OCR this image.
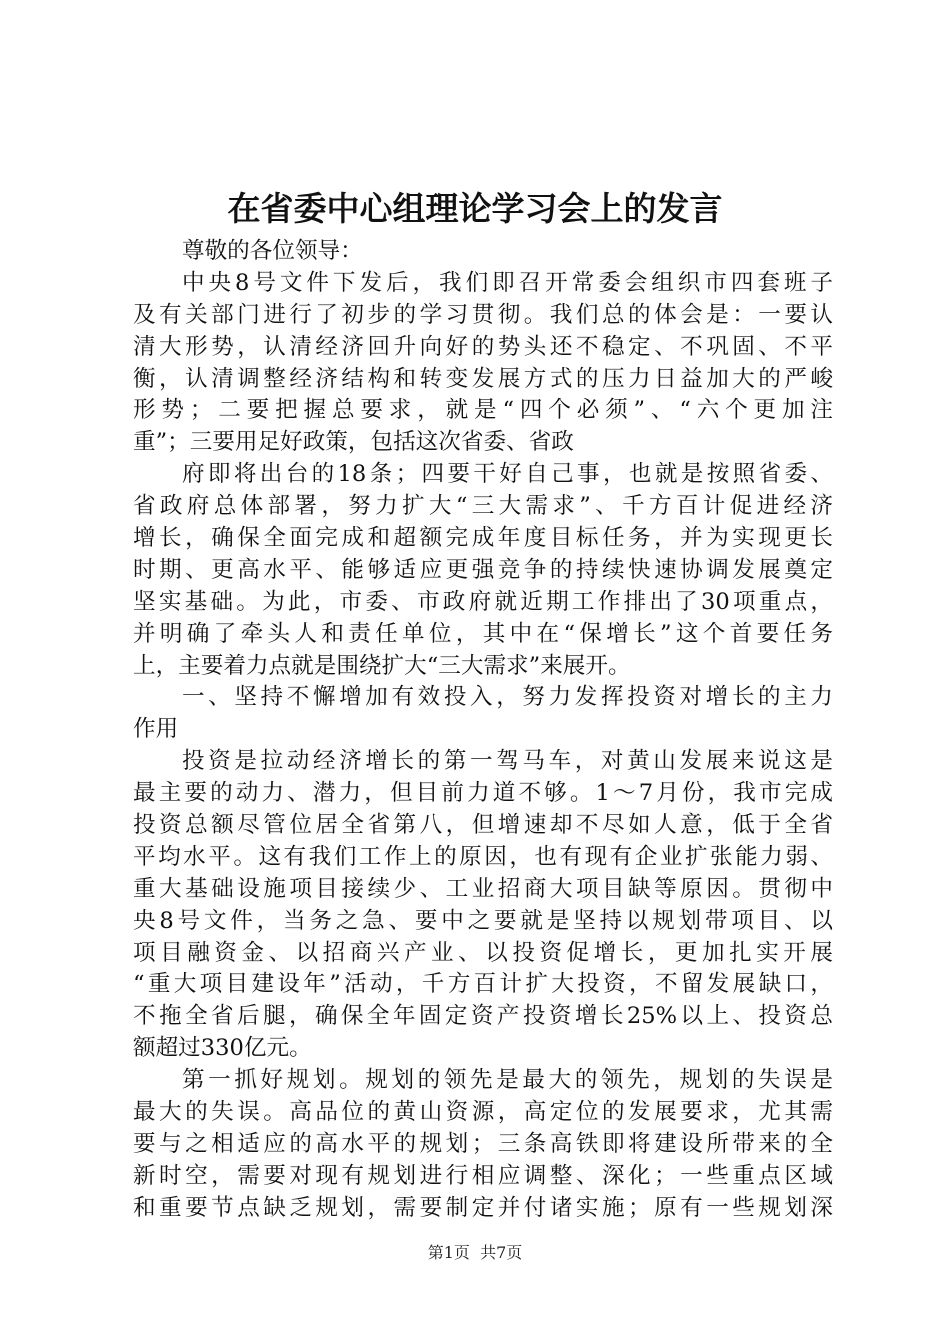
在省委中心组理论学习会上的发言
尊敬的各位领导：
中央8号文件下发后，我们即召开常委会组织市四套班子
及有关部门进行了初步的学习贯彻。我们总的体会是：一要认
清大形势，认清经济回升向好的势头还不稳定、不巩固、不平
衡，认清调整经济结构和转变发展方式的压力日益加大的严峻
形势；二要把握总要求，就是“四个必须”、“六个更加注
重”；三要用足好政策，包括这次省委、省政
府即将出台的18条；四要干好自己事，也就是按照省委、
省政府总体部署，努力扩大“三大需求”、千方百计促进经济
增长，确保全面完成和超额完成年度目标任务，并为实现更长
时期、更高水平、能够适应更强竞争的持续快速协调发展奠定
坚实基础。为此，市委、市政府就近期工作排出了30项重点，
并明确了牵头人和责任单位，其中在“保增长”这个首要任务
上，主要着力点就是围绕扩大“三大需求”来展开。
一、坚持不懈增加有效投入，努力发挥投资对增长的主力
作用
投资是拉动经济增长的第一驾马车，对黄山发展来说这是
最主要的动力、潜力，但目前力道不够。1～7月份，我市完成
投资总额尽管位居全省第八，但增速却不尽如人意，低于全省
平均水平。这有我们工作上的原因，也有现有企业扩张能力弱、
重大基础设施项目接续少、工业招商大项目缺等原因。贯彻中
央8号文件，当务之急、要中之要就是坚持以规划带项目、以
项目融资金、以招商兴产业、以投资促增长，更加扎实开展
“重大项目建设年”活动，千方百计扩大投资，不留发展缺口，
不拖全省后腿，确保全年固定资产投资增长25%以上、投资总
额超过330亿元。
第一抓好规划。规划的领先是最大的领先，规划的失误是
最大的失误。高品位的黄山资源，高定位的发展要求，尤其需
要与之相适应的高水平的规划；三条高铁即将建设所带来的全
新时空，需要对现有规划进行相应调整、深化；一些重点区域
和重要节点缺乏规划，需要制定并付诸实施；原有一些规划深
第1页  共7页
